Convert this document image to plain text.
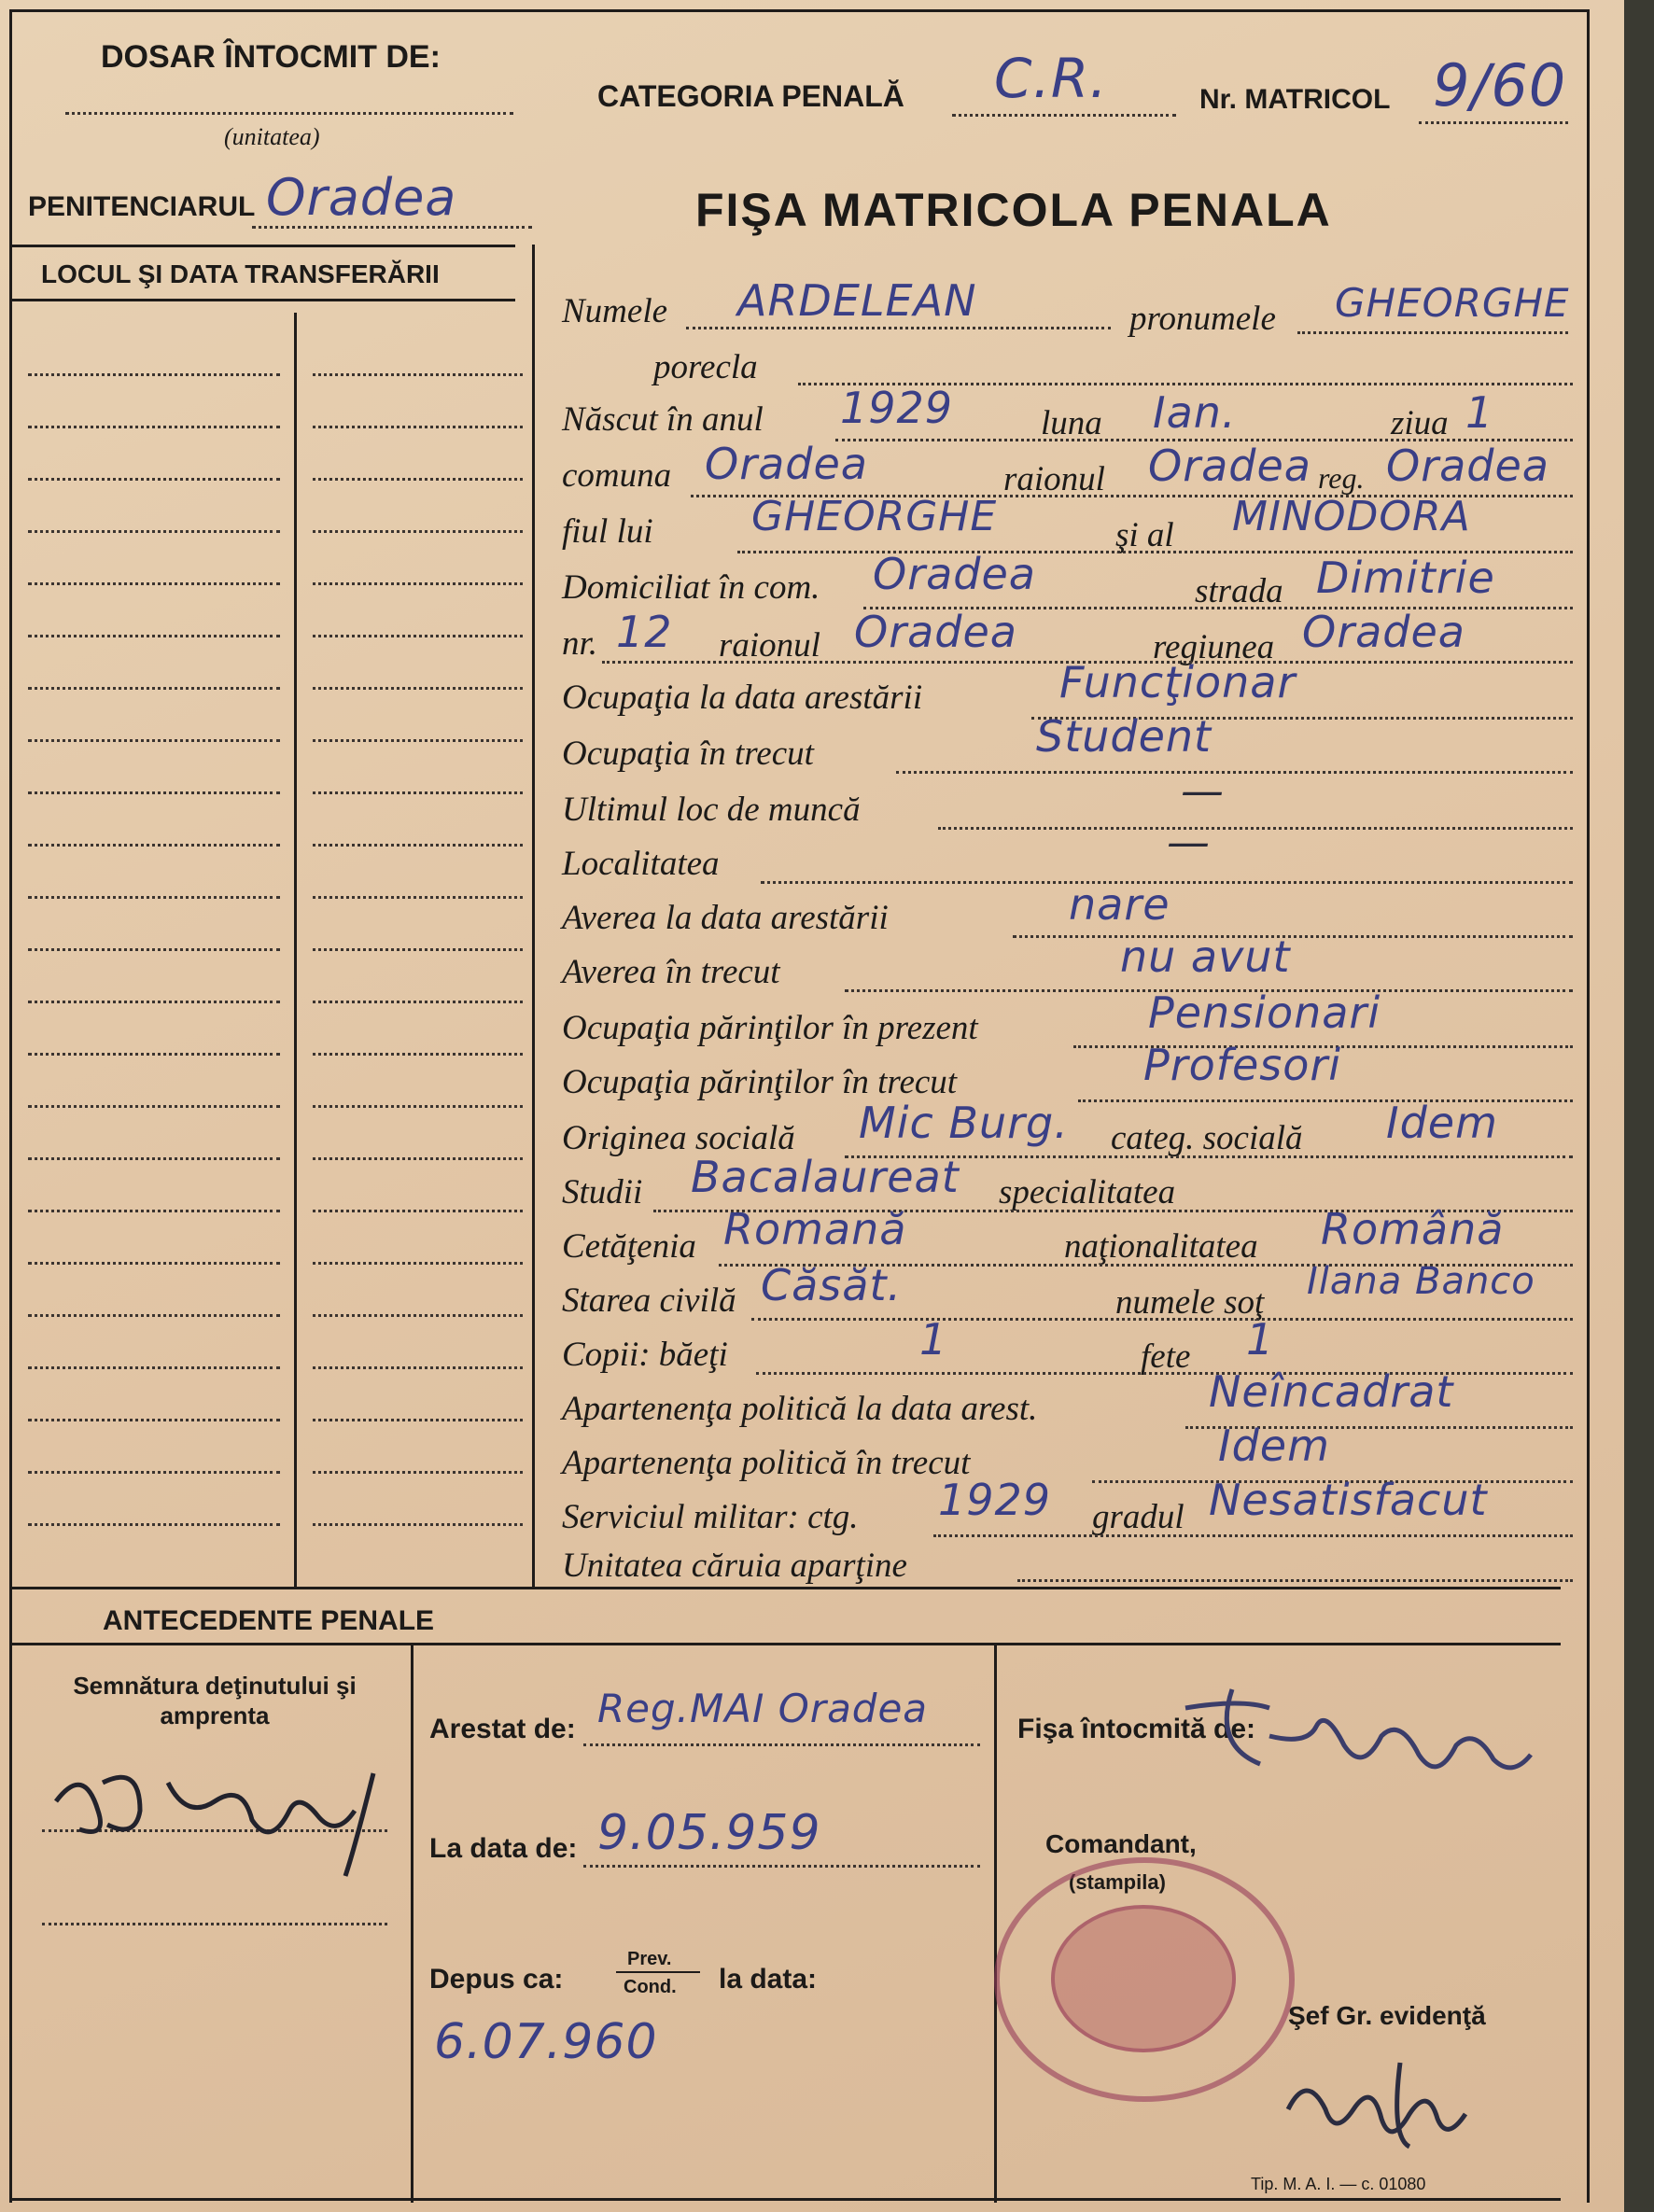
DOSAR ÎNTOCMIT DE:
(unitatea)
PENITENCIARUL Oradea
CATEGORIA PENALĂ C.R.	Nr. MATRICOL 9/60
FIŞA MATRICOLA PENALA
LOCUL ŞI DATA TRANSFERĂRII
Numele ARDELEAN	pronumele GHEORGHE
porecla
Născut în anul 1929	luna Ian.	ziua 1
comuna Oradea	raionul Oradea reg. Oradea
fiul lui GHEORGHE	şi al MINODORA
Domiciliat în com. Oradea	strada Dimitrie
nr. 12 raionul Oradea	regiunea Oradea
Ocupaţia la data arestării	Funcţionar
Ocupaţia în trecut	Student
Ultimul loc de muncă	—
Localitatea	—
Averea la data arestării	nare
Averea în trecut	nu avut
Ocupaţia părinţilor în prezent	Pensionari
Ocupaţia părinţilor în trecut	Profesori
Originea socială Mic Burg. categ. socială Idem
Studii Bacalaureat specialitatea
Cetăţenia Romană	naţionalitatea Română
Starea civilă Căsăt.	numele soţ Ilana Banco
Copii: băeţi	1	fete 1
Apartenenţa politică la data arest.	Neîncadrat
Apartenenţa politică în trecut	Idem
Serviciul militar: ctg. 1929 gradul Nesatisfacut
Unitatea căruia aparţine
ANTECEDENTE PENALE
Semnătura deţinutului şi amprenta	Arestat de: Reg.MAI Oradea
La data de: 9.05.959
Depus ca:
Prev.
Cond. la data:
6.07.960
Fişa întocmită de:
Comandant,
(stampila)
Şef Gr. evidenţă
Tip. M. A. I. — c. 01080
